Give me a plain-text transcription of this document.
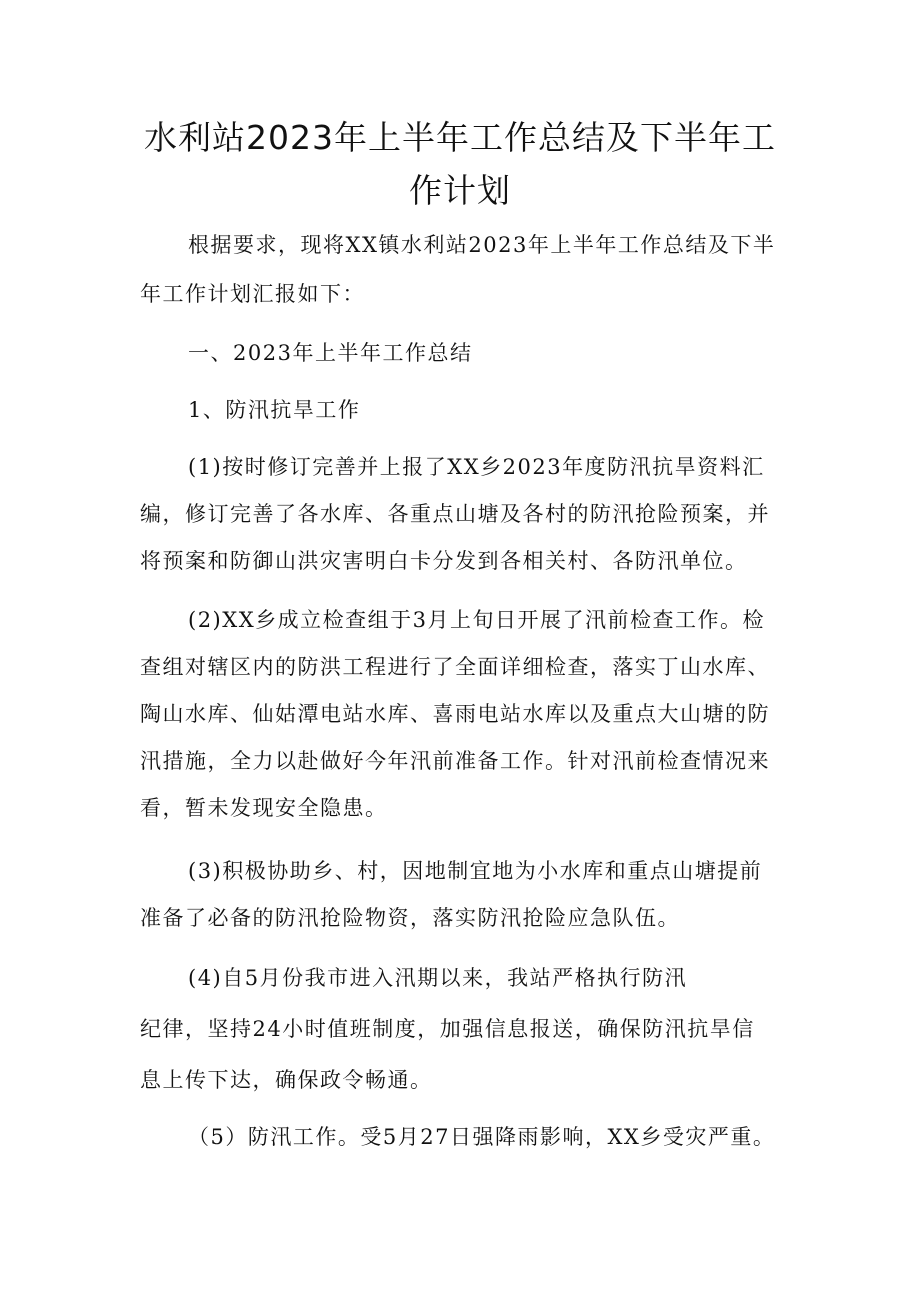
水利站2023年上半年工作总结及下半年工
作计划

根据要求，现将XX镇水利站2023年上半年工作总结及下半

年工作计划汇报如下：

一、2023年上半年工作总结

1、防汛抗旱工作

(1)按时修订完善并上报了XX乡2023年度防汛抗旱资料汇

编，修订完善了各水库、各重点山塘及各村的防汛抢险预案，并

将预案和防御山洪灾害明白卡分发到各相关村、各防汛单位。

(2)XX乡成立检查组于3月上旬日开展了汛前检查工作。检

查组对辖区内的防洪工程进行了全面详细检查，落实丁山水库、

陶山水库、仙姑潭电站水库、喜雨电站水库以及重点大山塘的防

汛措施，全力以赴做好今年汛前准备工作。针对汛前检查情况来

看，暂未发现安全隐患。

(3)积极协助乡、村，因地制宜地为小水库和重点山塘提前

准备了必备的防汛抢险物资，落实防汛抢险应急队伍。

(4)自5月份我市进入汛期以来，我站严格执行防汛

纪律，坚持24小时值班制度，加强信息报送，确保防汛抗旱信

息上传下达，确保政令畅通。

（5）防汛工作。受5月27日强降雨影响，XX乡受灾严重。
